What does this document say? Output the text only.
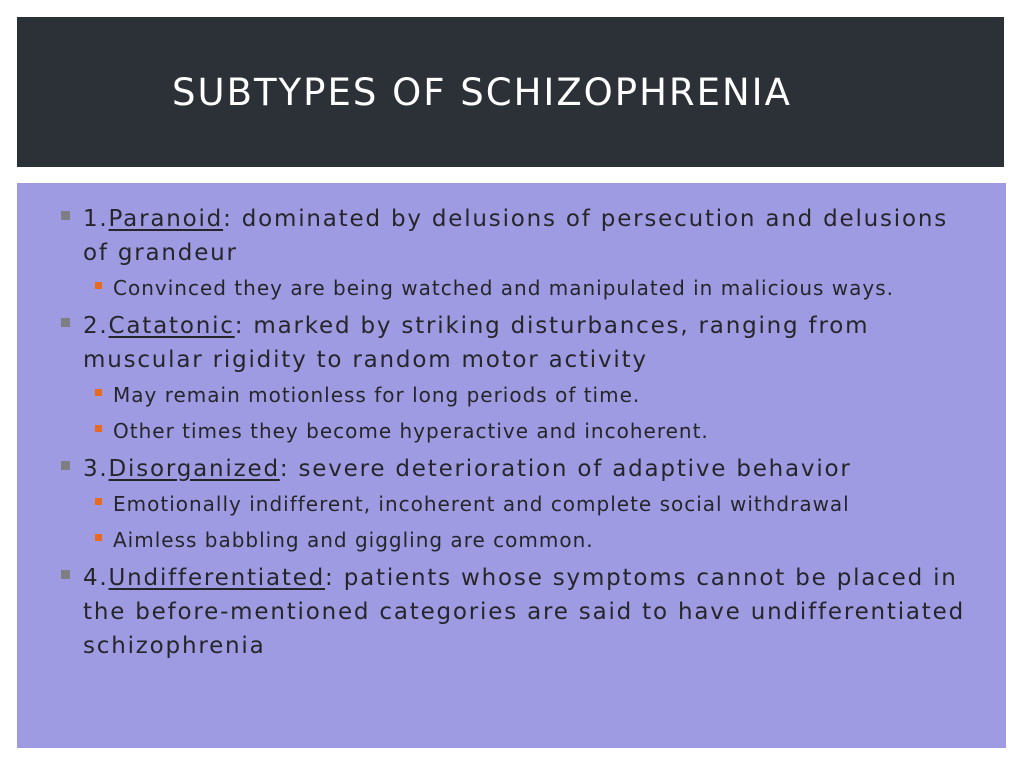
SUBTYPES OF SCHIZOPHRENIA
1.Paranoid: dominated by delusions of persecution and delusions of grandeur
Convinced they are being watched and manipulated in malicious ways.
2.Catatonic: marked by striking disturbances, ranging from muscular rigidity to random motor activity
May remain motionless for long periods of time.
Other times they become hyperactive and incoherent.
3.Disorganized: severe deterioration of adaptive behavior
Emotionally indifferent, incoherent and complete social withdrawal
Aimless babbling and giggling are common.
4.Undifferentiated: patients whose symptoms cannot be placed in the before-mentioned categories are said to have undifferentiated schizophrenia
